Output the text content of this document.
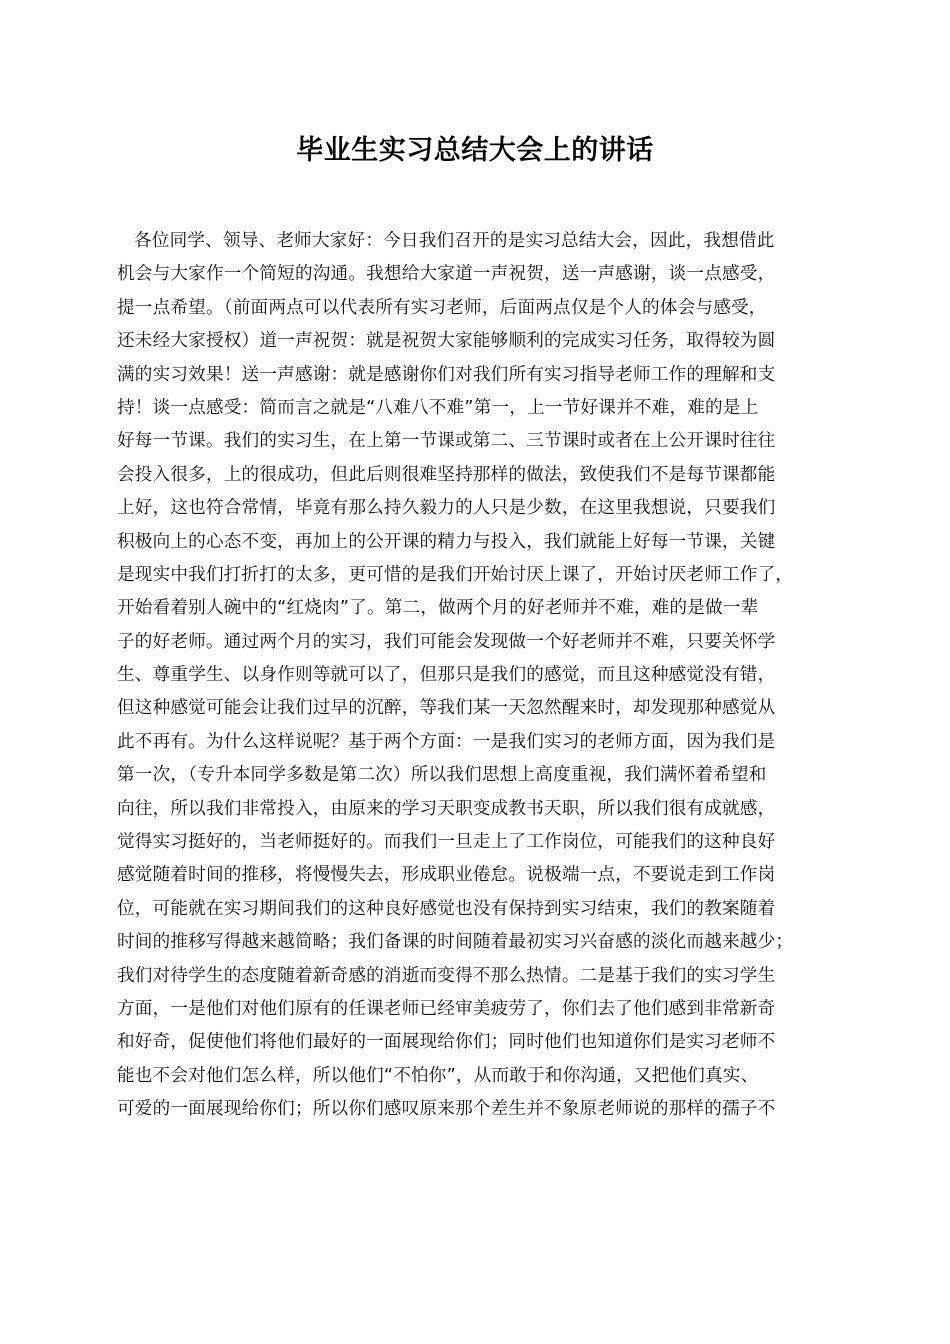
毕业生实习总结大会上的讲话
各位同学、领导、老师大家好：今日我们召开的是实习总结大会，因此，我想借此
机会与大家作一个简短的沟通。我想给大家道一声祝贺，送一声感谢，谈一点感受，
提一点希望。（前面两点可以代表所有实习老师，后面两点仅是个人的体会与感受，
还未经大家授权）道一声祝贺：就是祝贺大家能够顺利的完成实习任务，取得较为圆
满的实习效果！送一声感谢：就是感谢你们对我们所有实习指导老师工作的理解和支
持！谈一点感受：简而言之就是“八难八不难”第一，上一节好课并不难，难的是上
好每一节课。我们的实习生，在上第一节课或第二、三节课时或者在上公开课时往往
会投入很多，上的很成功，但此后则很难坚持那样的做法，致使我们不是每节课都能
上好，这也符合常情，毕竟有那么持久毅力的人只是少数，在这里我想说，只要我们
积极向上的心态不变，再加上的公开课的精力与投入，我们就能上好每一节课，关键
是现实中我们打折打的太多，更可惜的是我们开始讨厌上课了，开始讨厌老师工作了，
开始看着别人碗中的“红烧肉”了。第二，做两个月的好老师并不难，难的是做一辈
子的好老师。通过两个月的实习，我们可能会发现做一个好老师并不难，只要关怀学
生、尊重学生、以身作则等就可以了，但那只是我们的感觉，而且这种感觉没有错，
但这种感觉可能会让我们过早的沉醉，等我们某一天忽然醒来时，却发现那种感觉从
此不再有。为什么这样说呢？基于两个方面：一是我们实习的老师方面，因为我们是
第一次，（专升本同学多数是第二次）所以我们思想上高度重视，我们满怀着希望和
向往，所以我们非常投入，由原来的学习天职变成教书天职，所以我们很有成就感，
觉得实习挺好的，当老师挺好的。而我们一旦走上了工作岗位，可能我们的这种良好
感觉随着时间的推移，将慢慢失去，形成职业倦怠。说极端一点，不要说走到工作岗
位，可能就在实习期间我们的这种良好感觉也没有保持到实习结束，我们的教案随着
时间的推移写得越来越简略；我们备课的时间随着最初实习兴奋感的淡化而越来越少；
我们对待学生的态度随着新奇感的消逝而变得不那么热情。二是基于我们的实习学生
方面，一是他们对他们原有的任课老师已经审美疲劳了，你们去了他们感到非常新奇
和好奇，促使他们将他们最好的一面展现给你们；同时他们也知道你们是实习老师不
能也不会对他们怎么样，所以他们“不怕你”，从而敢于和你沟通，又把他们真实、
可爱的一面展现给你们；所以你们感叹原来那个差生并不象原老师说的那样的孺子不
